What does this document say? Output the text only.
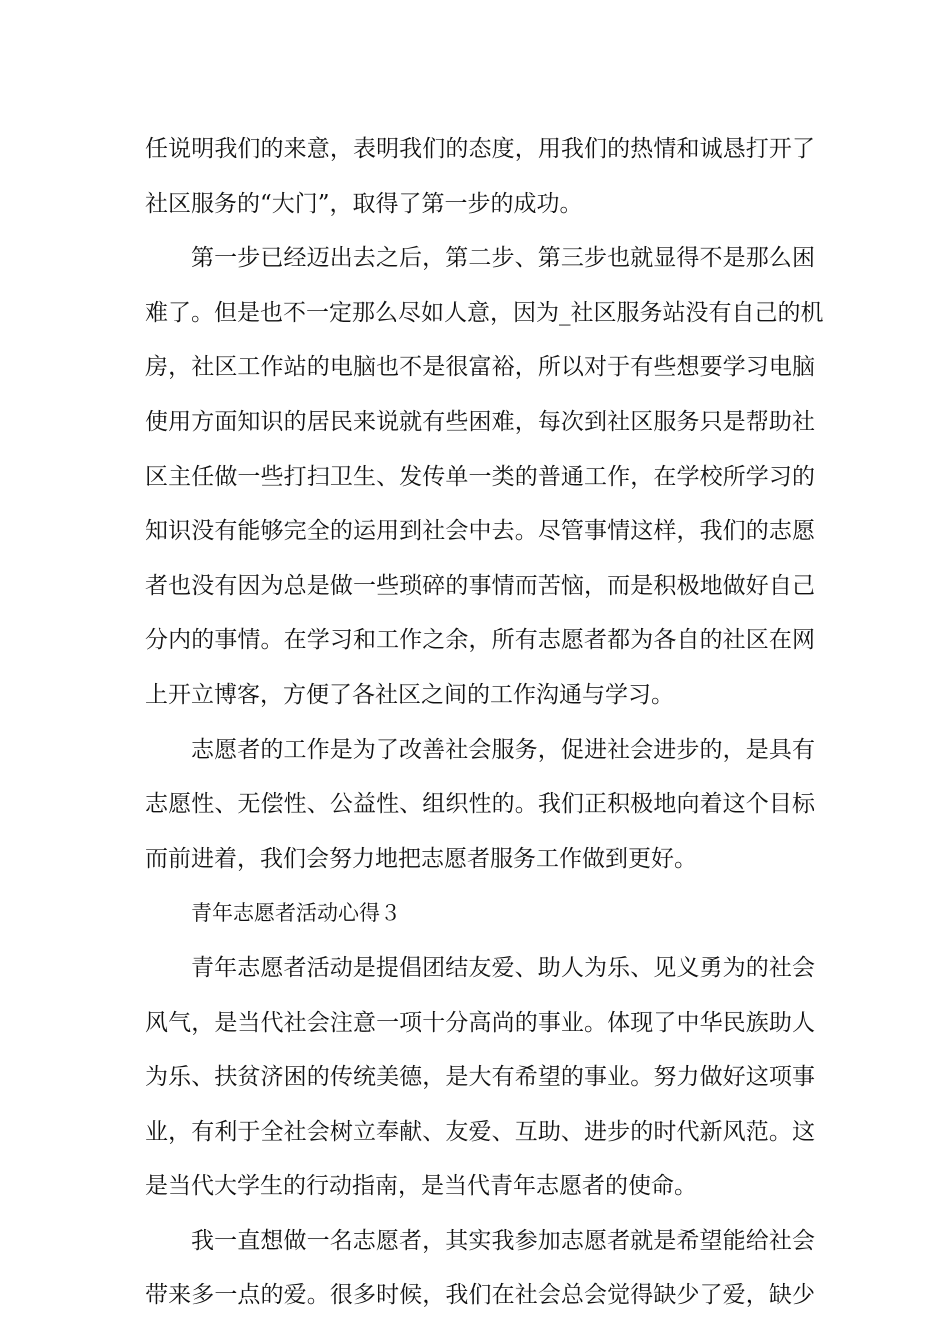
任说明我们的来意，表明我们的态度，用我们的热情和诚恳打开了
社区服务的“大门”，取得了第一步的成功。
第一步已经迈出去之后，第二步、第三步也就显得不是那么困
难了。但是也不一定那么尽如人意，因为_社区服务站没有自己的机
房，社区工作站的电脑也不是很富裕，所以对于有些想要学习电脑
使用方面知识的居民来说就有些困难，每次到社区服务只是帮助社
区主任做一些打扫卫生、发传单一类的普通工作，在学校所学习的
知识没有能够完全的运用到社会中去。尽管事情这样，我们的志愿
者也没有因为总是做一些琐碎的事情而苦恼，而是积极地做好自己
分内的事情。在学习和工作之余，所有志愿者都为各自的社区在网
上开立博客，方便了各社区之间的工作沟通与学习。
志愿者的工作是为了改善社会服务，促进社会进步的，是具有
志愿性、无偿性、公益性、组织性的。我们正积极地向着这个目标
而前进着，我们会努力地把志愿者服务工作做到更好。
青年志愿者活动心得３
青年志愿者活动是提倡团结友爱、助人为乐、见义勇为的社会
风气，是当代社会注意一项十分高尚的事业。体现了中华民族助人
为乐、扶贫济困的传统美德，是大有希望的事业。努力做好这项事
业，有利于全社会树立奉献、友爱、互助、进步的时代新风范。这
是当代大学生的行动指南，是当代青年志愿者的使命。
我一直想做一名志愿者，其实我参加志愿者就是希望能给社会
带来多一点的爱。很多时候，我们在社会总会觉得缺少了爱，缺少
